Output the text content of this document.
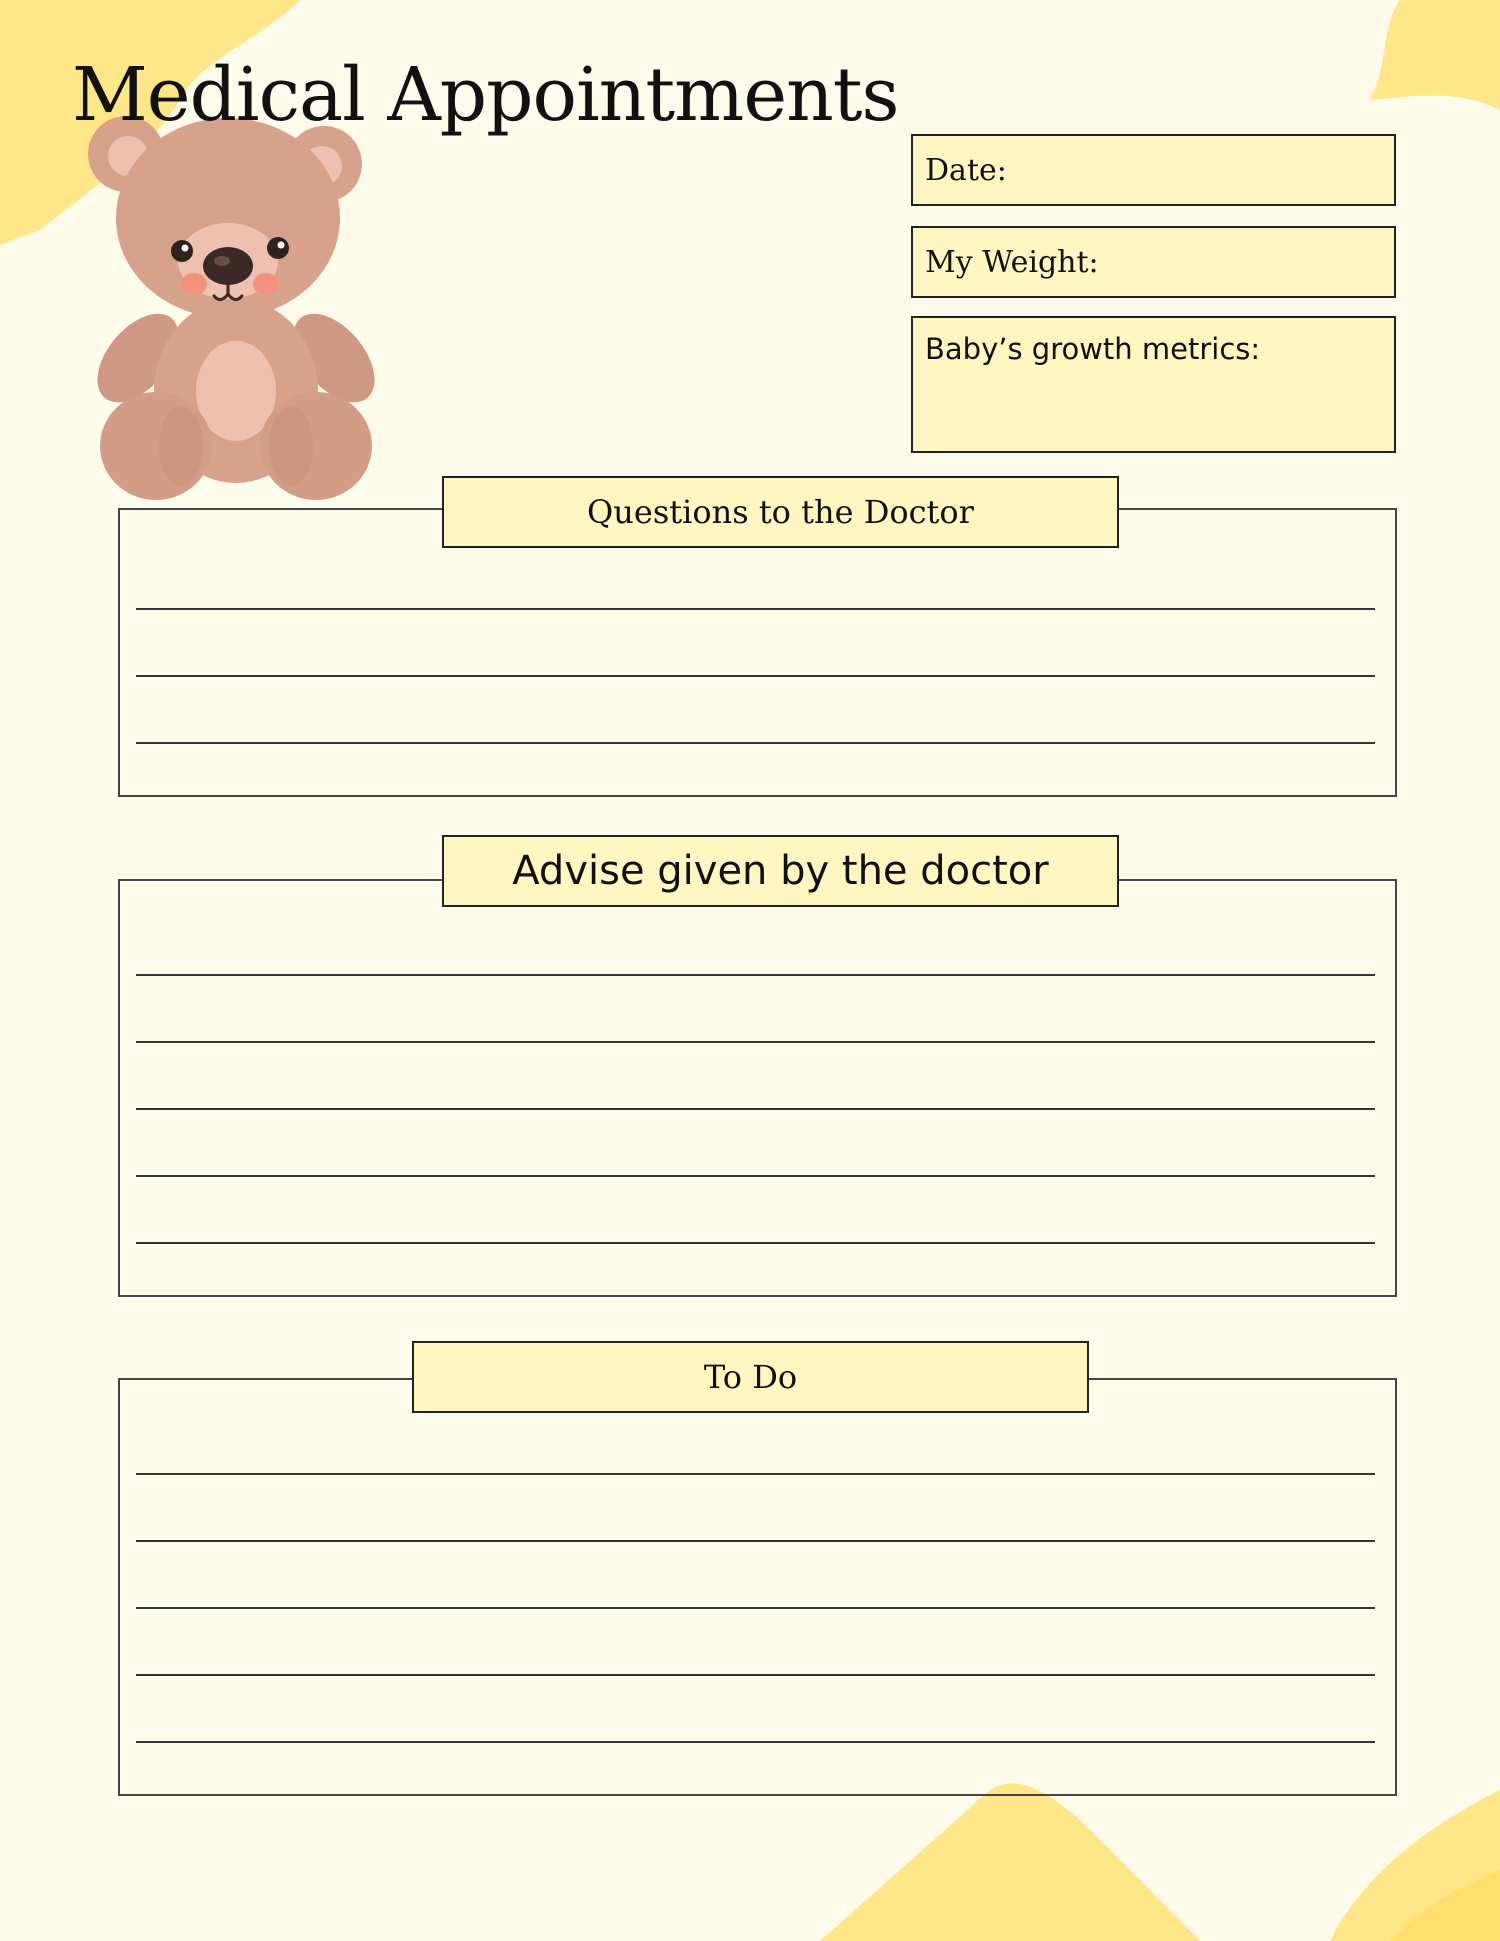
Medical Appointments
Date:
My Weight:
Baby’s growth metrics:
Questions to the Doctor
Advise given by the doctor
To Do
